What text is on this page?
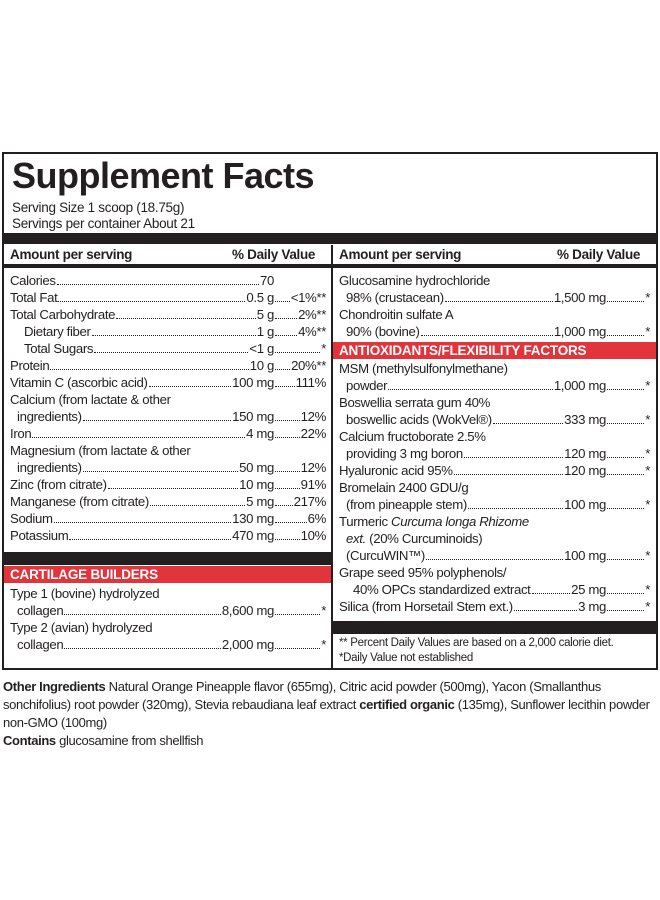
Supplement Facts
Serving Size 1 scoop (18.75g)
Servings per container About 21
Amount per serving	% Daily Value Amount per serving	% Daily Value
Calories	70
Total Fat	0.5 g <1%**
Total Carbohydrate	5 g 2%**
Dietary fiber	1 g 4%**
Total Sugars	<1 g	*
Protein	10 g 20%**
Vitamin C (ascorbic acid)	100 mg 111%
Calcium (from lactate & other
ingredients)	150 mg 12%
Iron	4 mg 22%
Magnesium (from lactate & other
ingredients)	50 mg 12%
Zinc (from citrate)	10 mg 91%
Manganese (from citrate)	5 mg 217%
Sodium	130 mg	6%
Potassium	470 mg 10%
CARTILAGE BUILDERS
Type 1 (bovine) hydrolyzed
collagen	8,600 mg	*
Type 2 (avian) hydrolyzed
collagen	2,000 mg	*
Glucosamine hydrochloride
98% (crustacean)	1,500 mg	*
Chondroitin sulfate A
90% (bovine)	1,000 mg	*
ANTIOXIDANTS/FLEXIBILITY FACTORS
MSM (methylsulfonylmethane)
powder	1,000 mg	*
Boswellia serrata gum 40%
boswellic acids (WokVel®)	333 mg	*
Calcium fructoborate 2.5%
providing 3 mg boron	120 mg	*
Hyaluronic acid 95%	120 mg	*
Bromelain 2400 GDU/g
(from pineapple stem)	100 mg	*
Turmeric Curcuma longa Rhizome
ext. (20% Curcuminoids)
(CurcuWIN™)	100 mg	*
Grape seed 95% polyphenols/
40% OPCs standardized extract	25 mg	*
Silica (from Horsetail Stem ext.)	3 mg	*
** Percent Daily Values are based on a 2,000 calorie diet.
*Daily Value not established
Other Ingredients Natural Orange Pineapple flavor (655mg), Citric acid powder (500mg), Yacon (Smallanthus sonchifolius) root powder (320mg), Stevia rebaudiana leaf extract certified organic (135mg), Sunflower lecithin powder non-GMO (100mg)
Contains glucosamine from shellfish
